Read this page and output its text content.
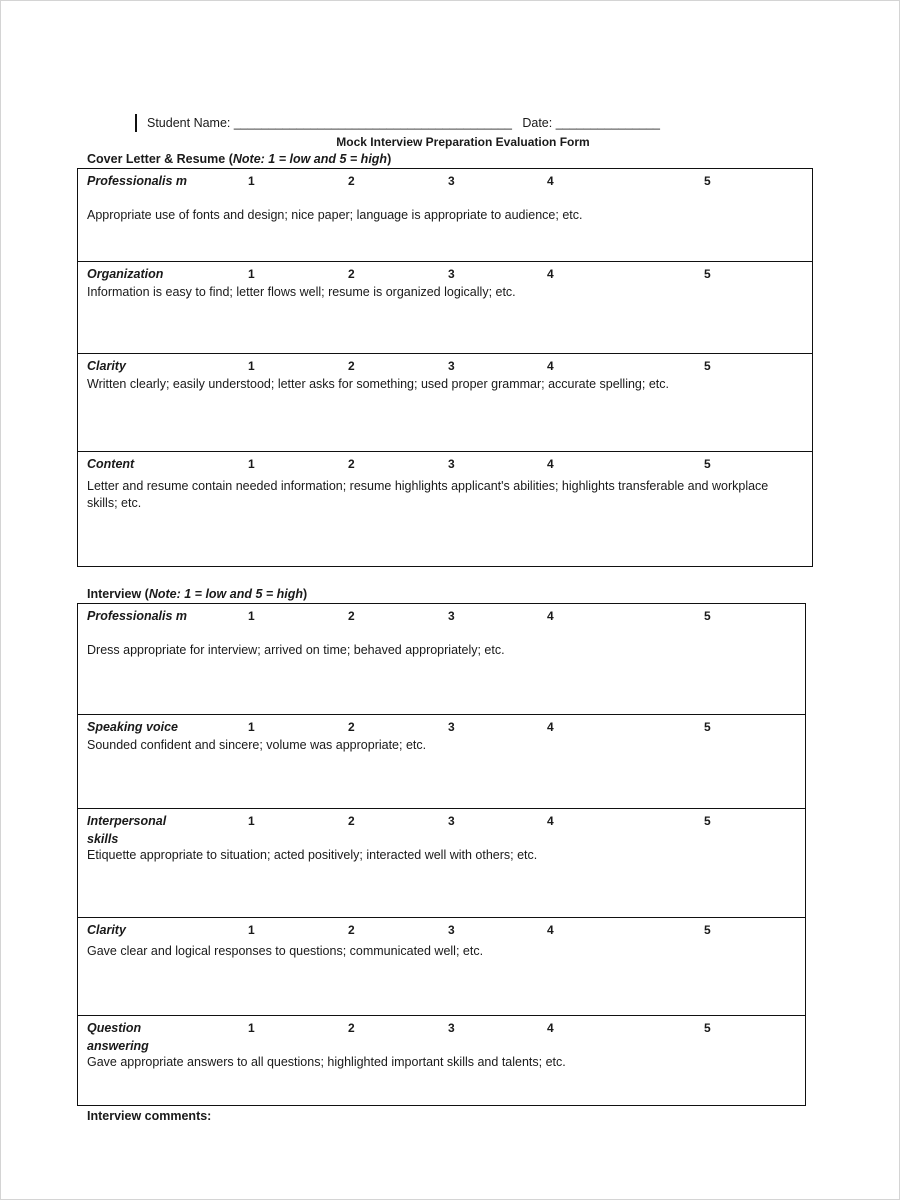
Student Name: ________________________________________   Date: _______________
Mock Interview Preparation Evaluation Form
Cover Letter & Resume (Note: 1 = low and 5 = high)
Professionalis m	1	2	3	4	5
Appropriate use of fonts and design; nice paper; language is appropriate to audience; etc.
Organization	1	2	3	4	5
Information is easy to find; letter flows well; resume is organized logically; etc.
Clarity	1	2	3	4	5
Written clearly; easily understood; letter asks for something; used proper grammar; accurate spelling; etc.
Content	1	2	3	4	5
Letter and resume contain needed information; resume highlights applicant's abilities; highlights transferable and workplace skills; etc.
Interview (Note: 1 = low and 5 = high)
Professionalis m	1	2	3	4	5
Dress appropriate for interview; arrived on time; behaved appropriately; etc.
Speaking voice	1	2	3	4	5
Sounded confident and sincere; volume was appropriate; etc.
Interpersonal skills
1	2	3	4	5
Etiquette appropriate to situation; acted positively; interacted well with others; etc.
Clarity	1	2	3	4	5
Gave clear and logical responses to questions; communicated well; etc.
Question answering
1	2	3	4	5
Gave appropriate answers to all questions; highlighted important skills and talents; etc.
Interview comments:
